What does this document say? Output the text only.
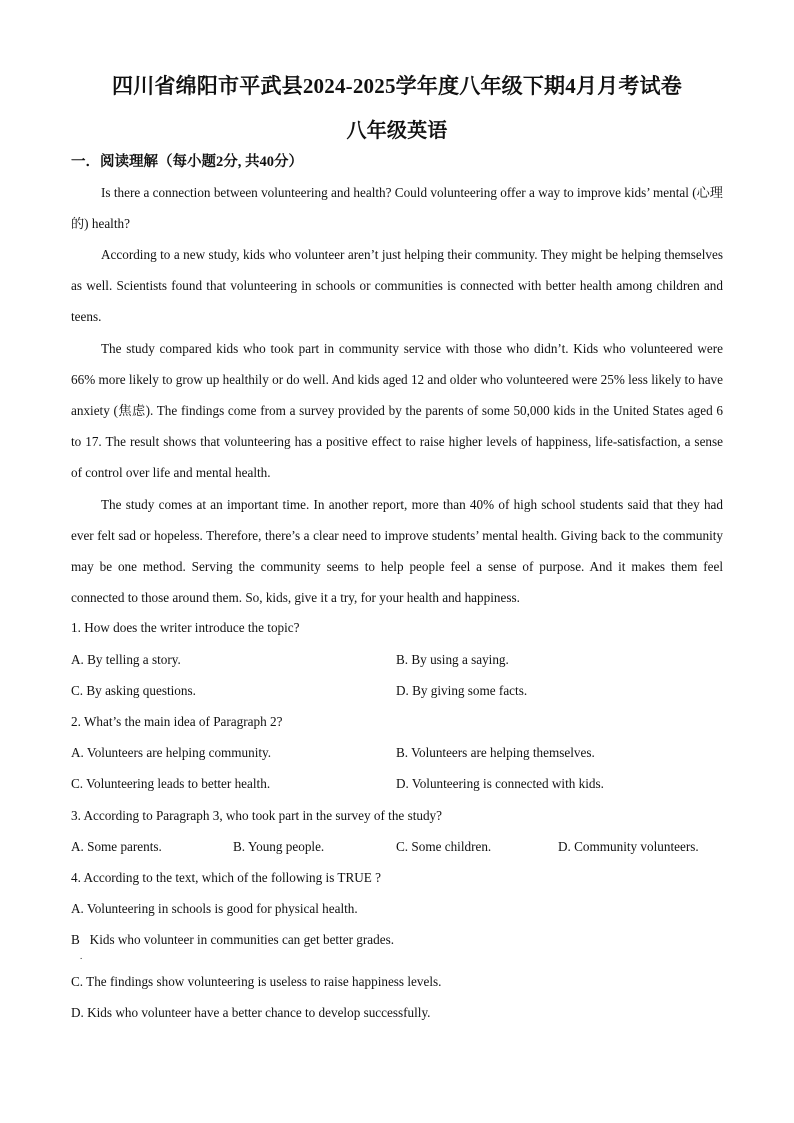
四川省绵阳市平武县2024-2025学年度八年级下期4月月考试卷
八年级英语
一．阅读理解（每小题2分, 共40分）
Is there a connection between volunteering and health? Could volunteering offer a way to improve kids’ mental (心理的) health?
According to a new study, kids who volunteer aren’t just helping their community. They might be helping themselves as well. Scientists found that volunteering in schools or communities is connected with better health among children and teens.
The study compared kids who took part in community service with those who didn’t. Kids who volunteered were 66% more likely to grow up healthily or do well. And kids aged 12 and older who volunteered were 25% less likely to have anxiety (焦虑). The findings come from a survey provided by the parents of some 50,000 kids in the United States aged 6 to 17. The result shows that volunteering has a positive effect to raise higher levels of happiness, life-satisfaction, a sense of control over life and mental health.
The study comes at an important time. In another report, more than 40% of high school students said that they had ever felt sad or hopeless. Therefore, there’s a clear need to improve students’ mental health. Giving back to the community may be one method. Serving the community seems to help people feel a sense of purpose. And it makes them feel connected to those around them. So, kids, give it a try, for your health and happiness.
1. How does the writer introduce the topic?
A. By telling a story.	B. By using a saying.
C. By asking questions.	D. By giving some facts.
2. What’s the main idea of Paragraph 2?
A. Volunteers are helping community.	B. Volunteers are helping themselves.
C. Volunteering leads to better health.	D. Volunteering is connected with kids.
3. According to Paragraph 3, who took part in the survey of the study?
A. Some parents.	B. Young people.	C. Some children.	D. Community volunteers.
4. According to the text, which of the following is TRUE ?
A. Volunteering in schools is good for physical health.
B   Kids who volunteer in communities can get better grades.
.
C. The findings show volunteering is useless to raise happiness levels.
D. Kids who volunteer have a better chance to develop successfully.
